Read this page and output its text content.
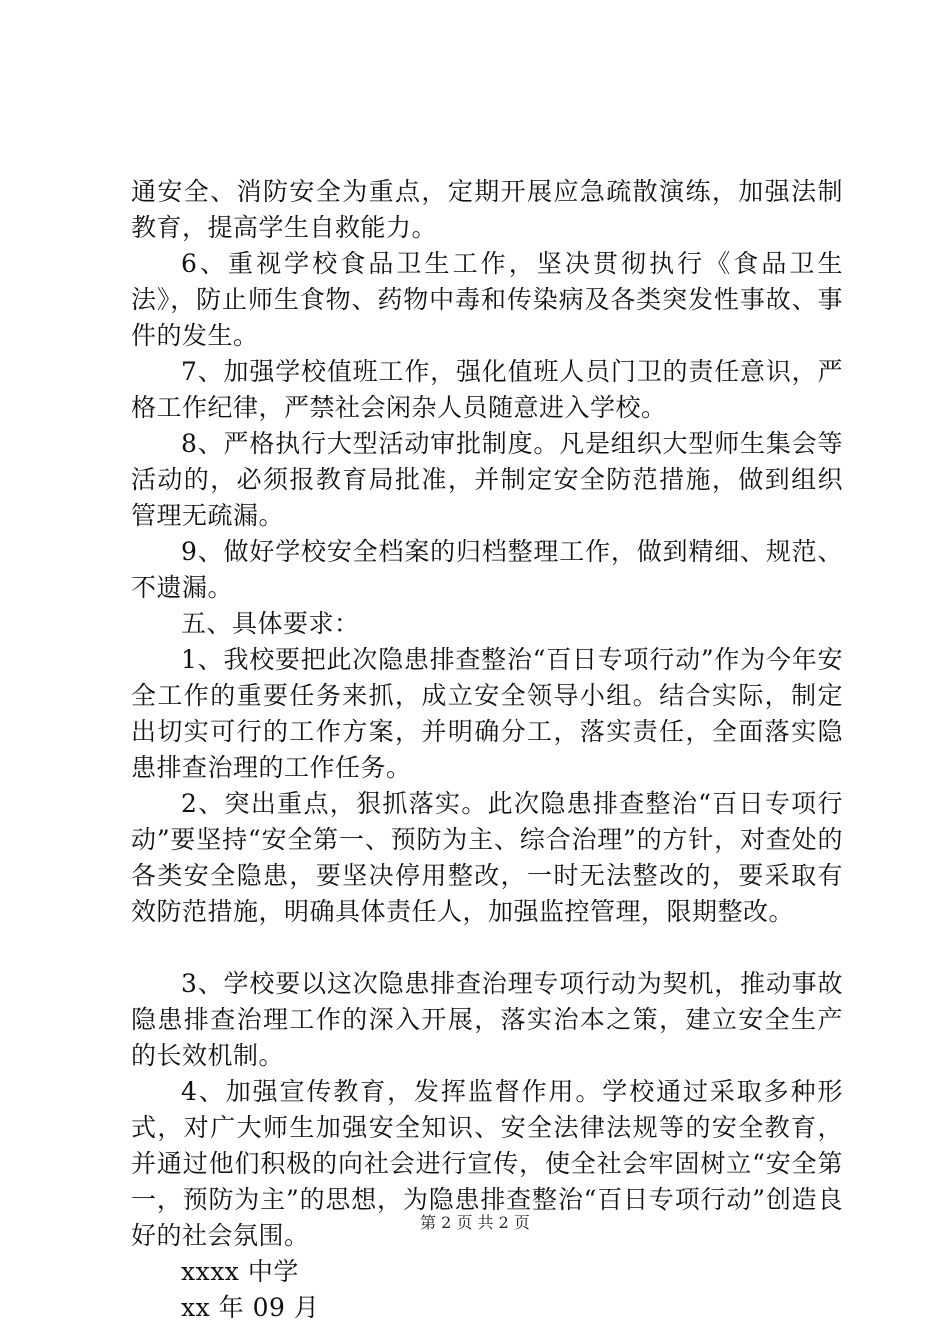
通安全、消防安全为重点，定期开展应急疏散演练，加强法制教育，提高学生自救能力。

6、重视学校食品卫生工作，坚决贯彻执行《食品卫生法》，防止师生食物、药物中毒和传染病及各类突发性事故、事件的发生。

7、加强学校值班工作，强化值班人员门卫的责任意识，严格工作纪律，严禁社会闲杂人员随意进入学校。

8、严格执行大型活动审批制度。凡是组织大型师生集会等活动的，必须报教育局批准，并制定安全防范措施，做到组织管理无疏漏。

9、做好学校安全档案的归档整理工作，做到精细、规范、不遗漏。

五、具体要求：

1、我校要把此次隐患排查整治“百日专项行动”作为今年安全工作的重要任务来抓，成立安全领导小组。结合实际，制定出切实可行的工作方案，并明确分工，落实责任，全面落实隐患排查治理的工作任务。

2、突出重点，狠抓落实。此次隐患排查整治“百日专项行动”要坚持“安全第一、预防为主、综合治理”的方针，对查处的各类安全隐患，要坚决停用整改，一时无法整改的，要采取有效防范措施，明确具体责任人，加强监控管理，限期整改。

3、学校要以这次隐患排查治理专项行动为契机，推动事故隐患排查治理工作的深入开展，落实治本之策，建立安全生产的长效机制。

4、加强宣传教育，发挥监督作用。学校通过采取多种形式，对广大师生加强安全知识、安全法律法规等的安全教育，并通过他们积极的向社会进行宣传，使全社会牢固树立“安全第一，预防为主”的思想，为隐患排查整治“百日专项行动”创造良好的社会氛围。

xxxx 中学

xx 年 09 月

第 2 页 共 2 页
